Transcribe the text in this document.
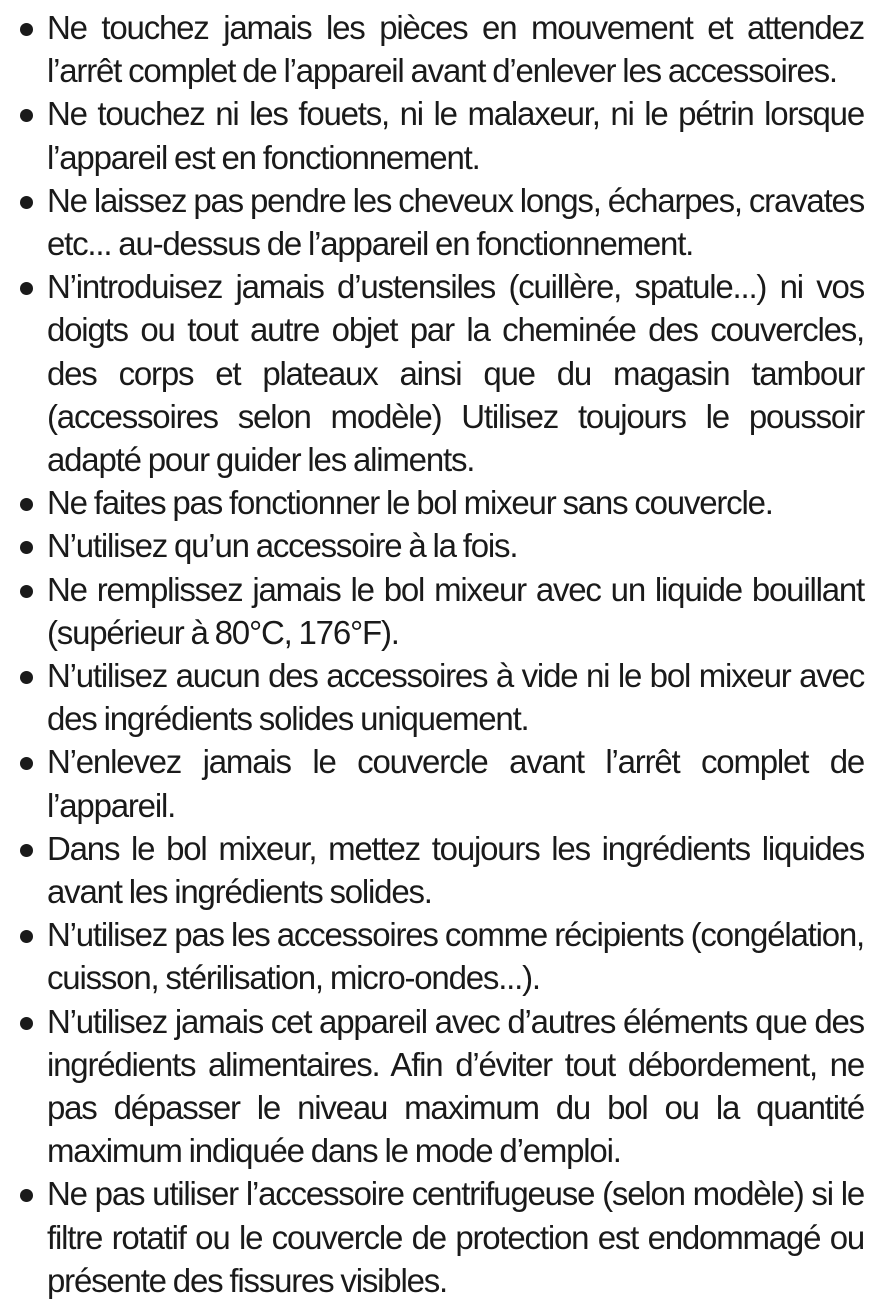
Ne touchez jamais les pièces en mouvement et attendez l’arrêt complet de l’appareil avant d’enlever les accessoires.
Ne touchez ni les fouets, ni le malaxeur, ni le pétrin lorsque l’appareil est en fonctionnement.
Ne laissez pas pendre les cheveux longs, écharpes, cravates etc... au-dessus de l’appareil en fonctionnement.
N’introduisez jamais d’ustensiles (cuillère, spatule...) ni vos doigts ou tout autre objet par la cheminée des couvercles, des corps et plateaux ainsi que du magasin tambour (accessoires selon modèle) Utilisez toujours le poussoir adapté pour guider les aliments.
Ne faites pas fonctionner le bol mixeur sans couvercle.
N’utilisez qu’un accessoire à la fois.
Ne remplissez jamais le bol mixeur avec un liquide bouillant (supérieur à 80°C, 176°F).
N’utilisez aucun des accessoires à vide ni le bol mixeur avec des ingrédients solides uniquement.
N’enlevez jamais le couvercle avant l’arrêt complet de l’appareil.
Dans le bol mixeur, mettez toujours les ingrédients liquides avant les ingrédients solides.
N’utilisez pas les accessoires comme récipients (congélation, cuisson, stérilisation, micro-ondes...).
N’utilisez jamais cet appareil avec d’autres éléments que des ingrédients alimentaires. Afin d’éviter tout débordement, ne pas dépasser le niveau maximum du bol ou la quantité maximum indiquée dans le mode d’emploi.
Ne pas utiliser l’accessoire centrifugeuse (selon modèle) si le filtre rotatif ou le couvercle de protection est endommagé ou présente des fissures visibles.
